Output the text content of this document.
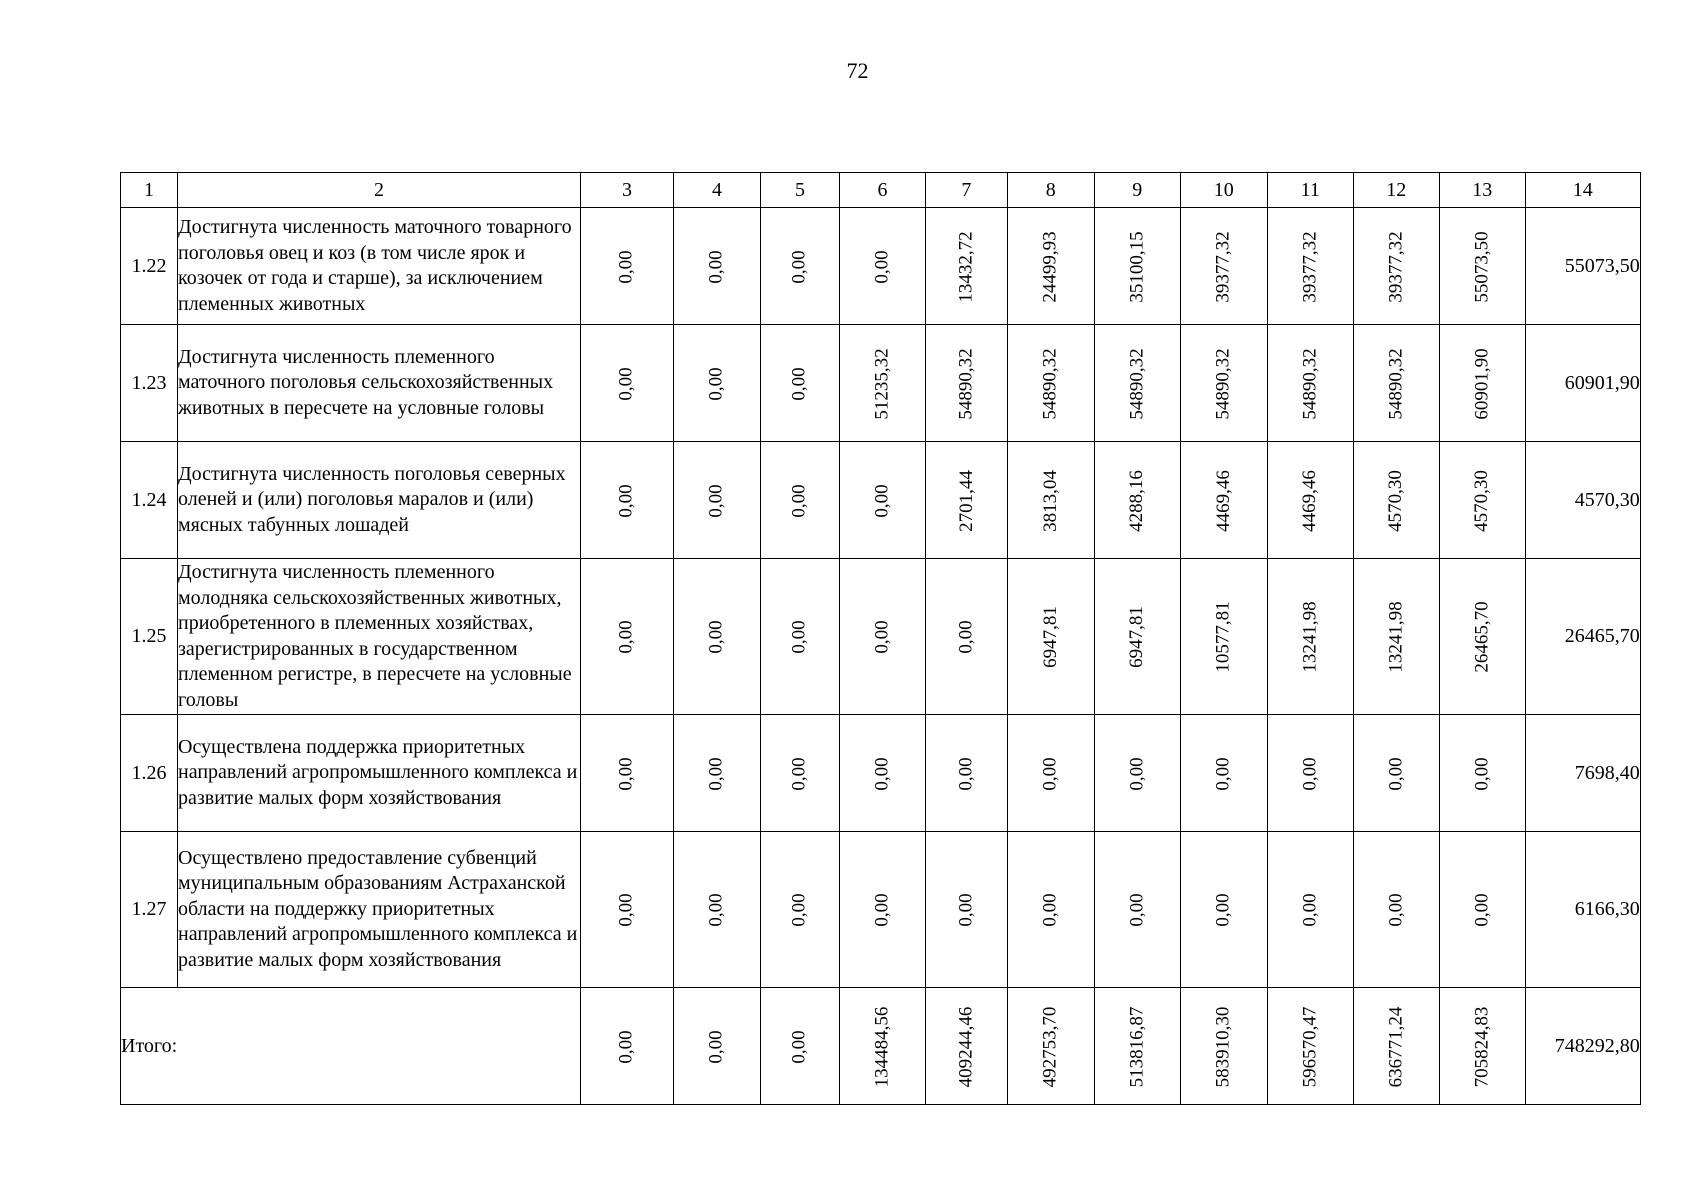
72
1	2	3	4	5	6	7	8	9	10	11	12	13	14
1.22	Достигнута численность маточного товарного поголовья овец и коз (в том числе ярок и козочек от года и старше), за исключением племенных животных	0,00	0,00	0,00	0,00	13432,72	24499,93	35100,15	39377,32	39377,32	39377,32	55073,50	55073,50
1.23	Достигнута численность племенного маточного поголовья сельскохозяйственных животных в пересчете на условные головы	0,00	0,00	0,00	51235,32	54890,32	54890,32	54890,32	54890,32	54890,32	54890,32	60901,90	60901,90
1.24	Достигнута численность поголовья северных оленей и (или) поголовья маралов и (или) мясных табунных лошадей	0,00	0,00	0,00	0,00	2701,44	3813,04	4288,16	4469,46	4469,46	4570,30	4570,30	4570,30
1.25	Достигнута численность племенного молодняка сельскохозяйственных животных, приобретенного в племенных хозяйствах, зарегистрированных в государственном племенном регистре, в пересчете на условные головы	0,00	0,00	0,00	0,00	0,00	6947,81	6947,81	10577,81	13241,98	13241,98	26465,70	26465,70
1.26	Осуществлена поддержка приоритетных направлений агропромышленного комплекса и развитие малых форм хозяйствования	0,00	0,00	0,00	0,00	0,00	0,00	0,00	0,00	0,00	0,00	0,00	7698,40
1.27	Осуществлено предоставление субвенций муниципальным образованиям Астраханской области на поддержку приоритетных направлений агропромышленного комплекса и развитие малых форм хозяйствования	0,00	0,00	0,00	0,00	0,00	0,00	0,00	0,00	0,00	0,00	0,00	6166,30
Итого:		0,00	0,00	0,00	134484,56	409244,46	492753,70	513816,87	583910,30	596570,47	636771,24	705824,83	748292,80
